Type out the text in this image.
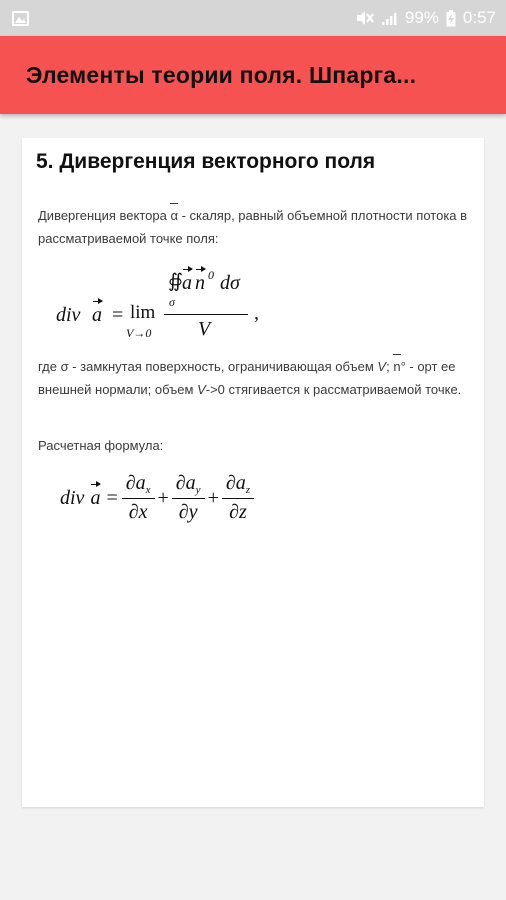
99% 0:57
Элементы теории поля. Шпарга...
5. Дивергенция векторного поля
Дивергенция вектора α - скаляр, равный объемной плотности потока в рассматриваемой точке поля:
div a = lim
V→0
∯ a n 0 dσ
σ
V
,
где σ - замкнутая поверхность, ограничивающая объем V; n° - орт ее внешней нормали; объем V->0 стягивается к рассматриваемой точке.
Расчетная формула:
div $a = \frac{\partial a_x}{\partial x} + \frac{\partial a_y}{\partial y} + \frac{\partial a_z}{\partial z}$
